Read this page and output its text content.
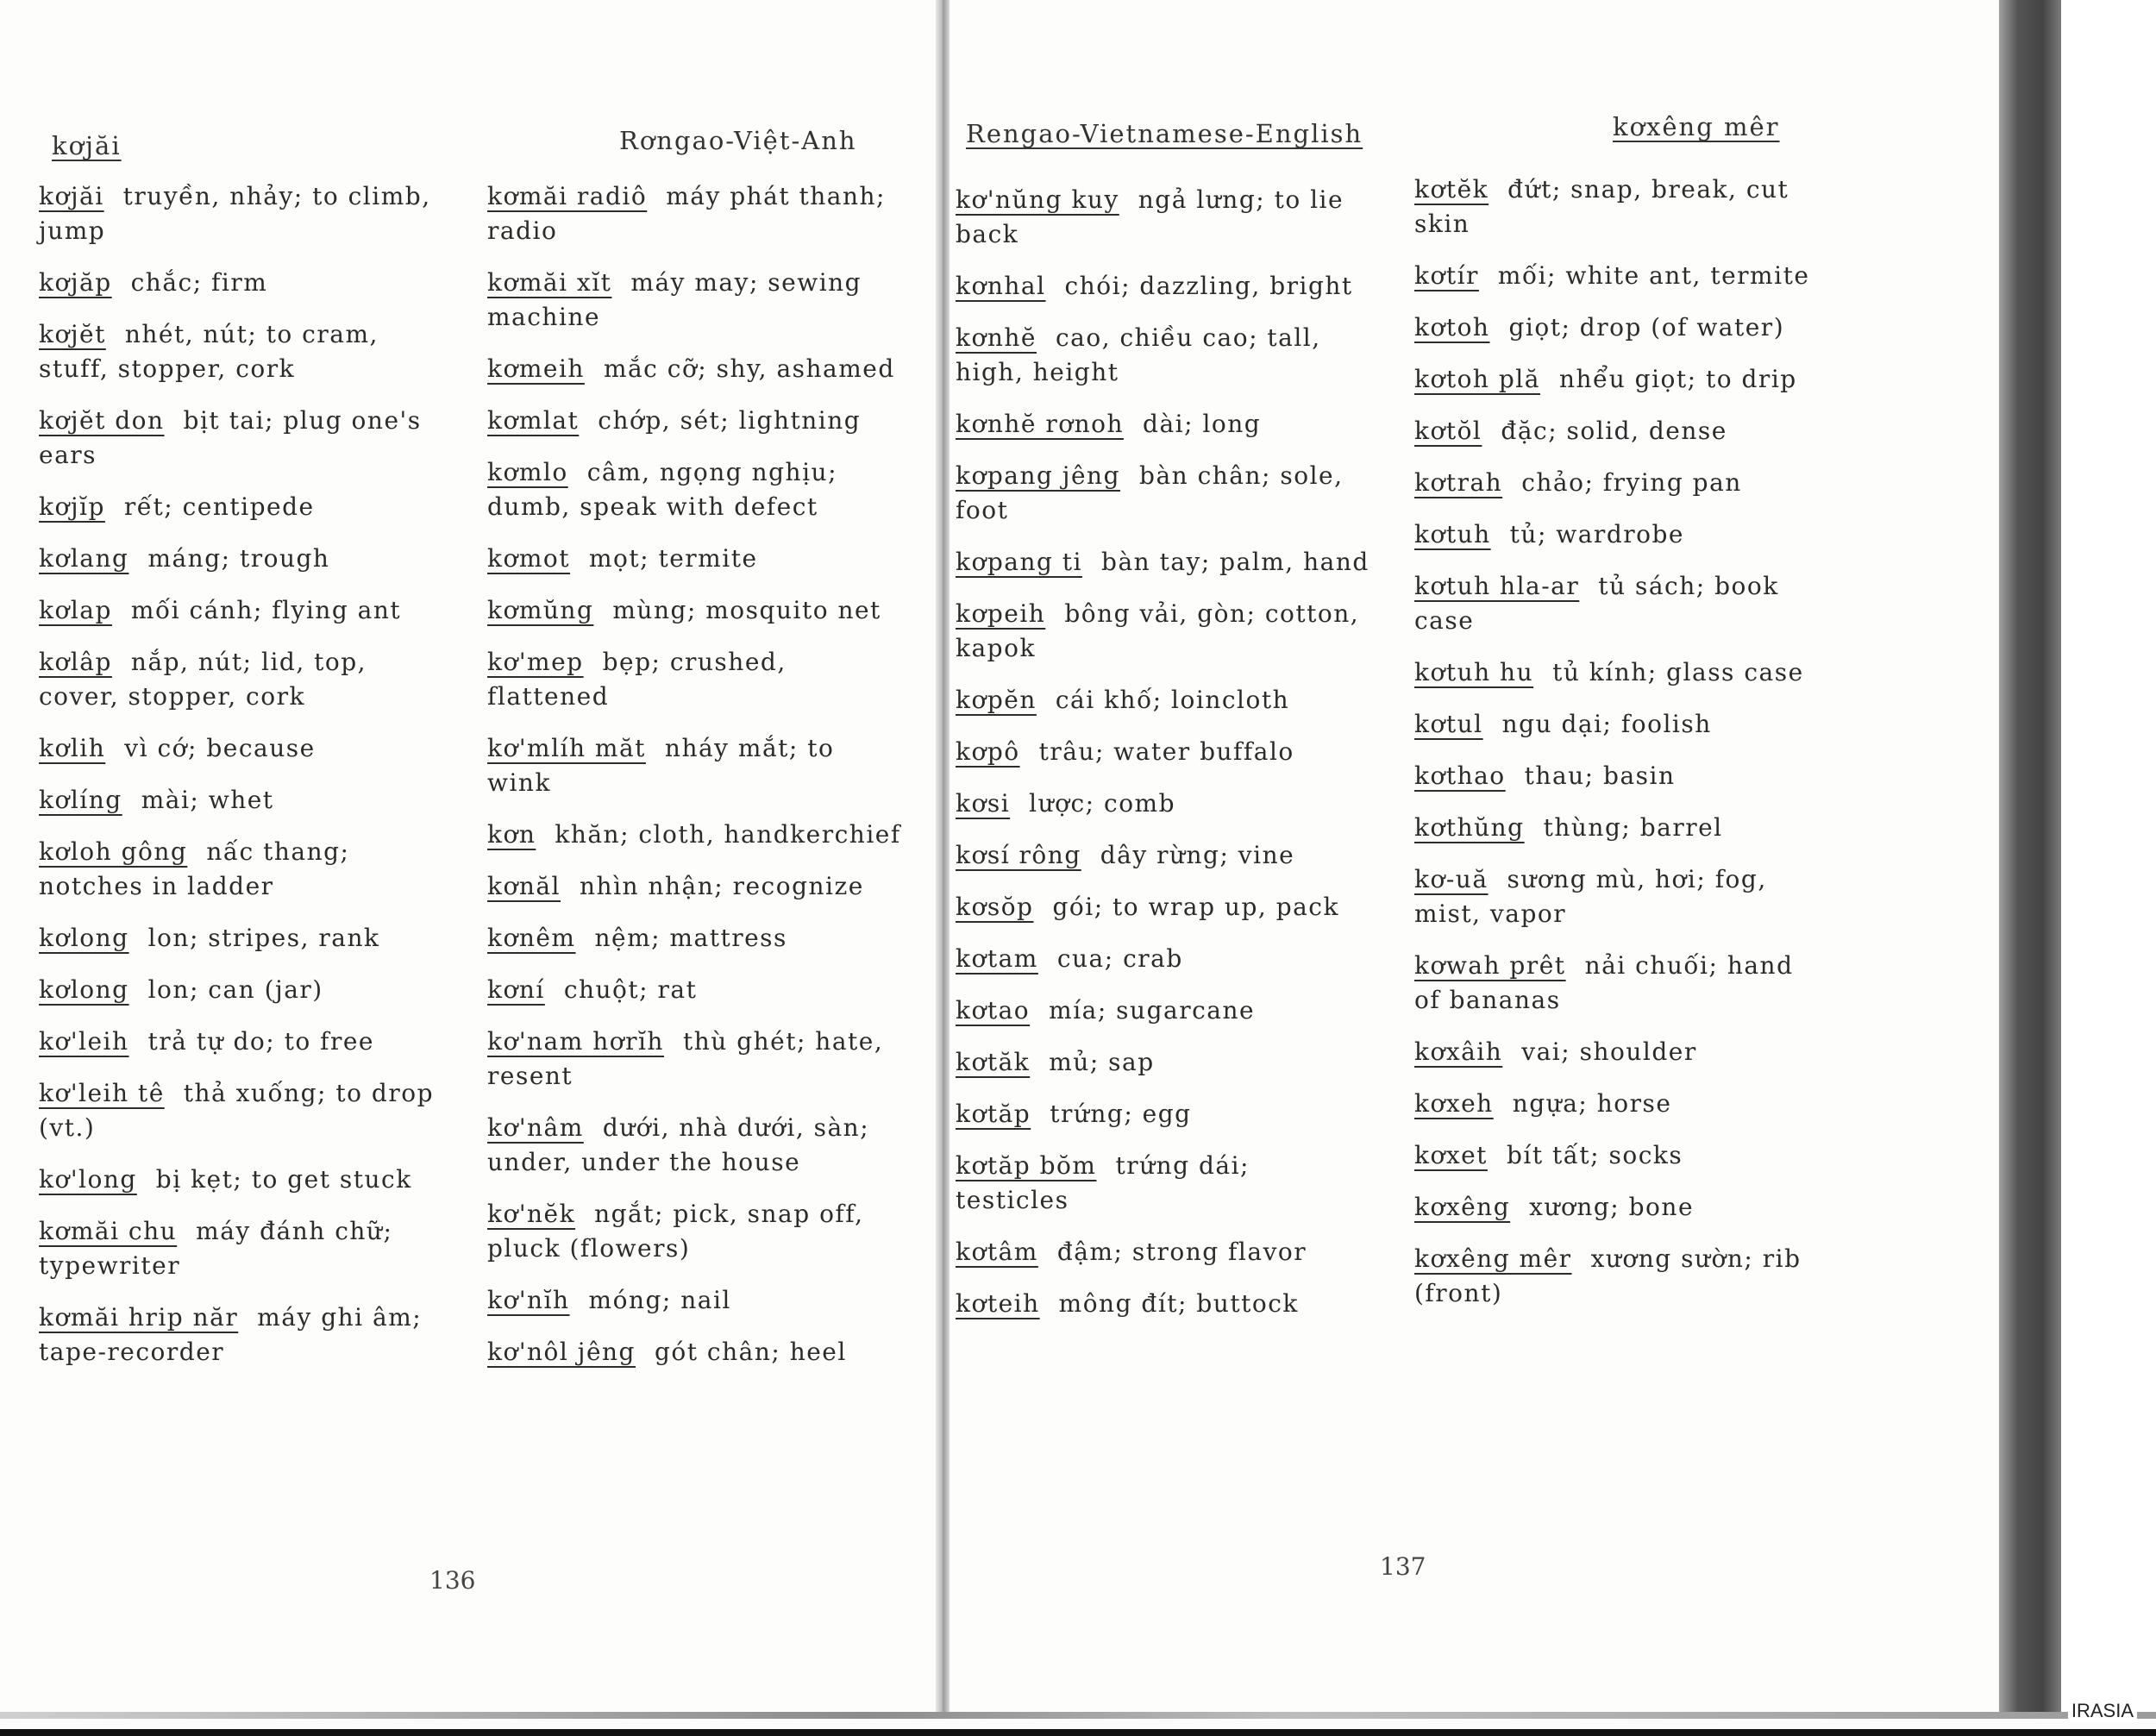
kơjăi	Rơngao-Việt-Anh	Rengao-Vietnamese-English	kơxêng mêr
kơjăi truyền, nhảy; to climb, jump
kơjăp chắc; firm
kơjĕt nhét, nút; to cram, stuff, stopper, cork
kơjĕt don bịt tai; plug one's ears
kơjĭp rết; centipede
kơlang máng; trough
kơlap mối cánh; flying ant
kơlâp nắp, nút; lid, top, cover, stopper, cork
kơlih vì cớ; because
kơlíng mài; whet
kơloh gông nấc thang; notches in ladder
kơlong lon; stripes, rank
kơlong lon; can (jar)
kơ'leih trả tự do; to free
kơ'leih tê thả xuống; to drop (vt.)
kơ'long bị kẹt; to get stuck
kơmăi chu máy đánh chữ; typewriter
kơmăi hrip năr máy ghi âm; tape-recorder
kơmăi radiô máy phát thanh; radio
kơmăi xĭt máy may; sewing machine
kơmeih mắc cỡ; shy, ashamed
kơmlat chớp, sét; lightning
kơmlo câm, ngọng nghịu; dumb, speak with defect
kơmot mọt; termite
kơmŭng mùng; mosquito net
kơ'mep bẹp; crushed, flattened
kơ'mlíh măt nháy mắt; to wink
kơn khăn; cloth, handkerchief
kơnăl nhìn nhận; recognize
kơnêm nệm; mattress
kơní chuột; rat
kơ'nam hơrĭh thù ghét; hate, resent
kơ'nâm dưới, nhà dưới, sàn; under, under the house
kơ'nĕk ngắt; pick, snap off, pluck (flowers)
kơ'nĭh móng; nail
kơ'nôl jêng gót chân; heel
kơ'nŭng kuy ngả lưng; to lie back
kơnhal chói; dazzling, bright
kơnhĕ cao, chiều cao; tall, high, height
kơnhĕ rơnoh dài; long
kơpang jêng bàn chân; sole, foot
kơpang ti bàn tay; palm, hand
kơpeih bông vải, gòn; cotton, kapok
kơpĕn cái khố; loincloth
kơpô trâu; water buffalo
kơsi lược; comb
kơsí rông dây rừng; vine
kơsŏp gói; to wrap up, pack
kơtam cua; crab
kơtao mía; sugarcane
kơtăk mủ; sap
kơtăp trứng; egg
kơtăp bŏm trứng dái; testicles
kơtâm đậm; strong flavor
kơteih mông đít; buttock
kơtĕk đứt; snap, break, cut skin
kơtír mối; white ant, termite
kơtoh giọt; drop (of water)
kơtoh plă nhểu giọt; to drip
kơtŏl đặc; solid, dense
kơtrah chảo; frying pan
kơtuh tủ; wardrobe
kơtuh hla-ar tủ sách; book case
kơtuh hu tủ kính; glass case
kơtul ngu dại; foolish
kơthao thau; basin
kơthŭng thùng; barrel
kơ-uă sương mù, hơi; fog, mist, vapor
kơwah prêt nải chuối; hand of bananas
kơxâih vai; shoulder
kơxeh ngựa; horse
kơxet bít tất; socks
kơxêng xương; bone
kơxêng mêr xương sườn; rib (front)
136	137
IRASIA
